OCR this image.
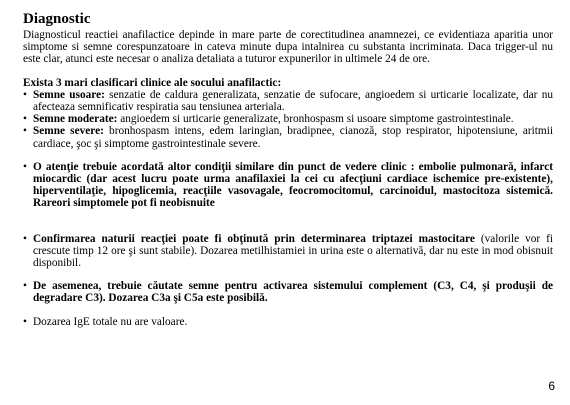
Diagnostic

Diagnosticul reactiei anafilactice depinde in mare parte de corectitudinea anamnezei, ce evidentiaza aparitia unor simptome si semne corespunzatoare in cateva minute dupa intalnirea cu substanta incriminata. Daca trigger-ul nu este clar, atunci este necesar o analiza detaliata a tuturor expunerilor in ultimele 24 de ore.

Exista 3 mari clasificari clinice ale socului anafilactic:
• Semne usoare: senzatie de caldura generalizata, senzatie de sufocare, angioedem si urticarie localizate, dar nu afecteaza semnificativ respiratia sau tensiunea arteriala.
• Semne moderate: angioedem si urticarie generalizate, bronhospasm si usoare simptome gastrointestinale.
• Semne severe: bronhospasm intens, edem laringian, bradipnee, cianoză, stop respirator, hipotensiune, aritmii cardiace, şoc şi simptome gastrointestinale severe.
• O atenţie trebuie acordată altor condiţii similare din punct de vedere clinic : embolie pulmonară, infarct miocardic (dar acest lucru poate urma anafilaxiei la cei cu afecţiuni cardiace ischemice pre-existente), hiperventilaţie, hipoglicemia, reacţiile vasovagale, feocromocitomul, carcinoidul, mastocitoza sistemică. Rareori simptomele pot fi neobisnuite
• Confirmarea naturii reacţiei poate fi obţinută prin determinarea triptazei mastocitare (valorile vor fi crescute timp 12 ore şi sunt stabile). Dozarea metilhistamiei in urina este o alternativă, dar nu este in mod obisnuit disponibil.
• De asemenea, trebuie căutate semne pentru activarea sistemului complement (C3, C4, şi produşii de degradare C3). Dozarea C3a şi C5a este posibilă.
• Dozarea IgE totale nu are valoare.
6
